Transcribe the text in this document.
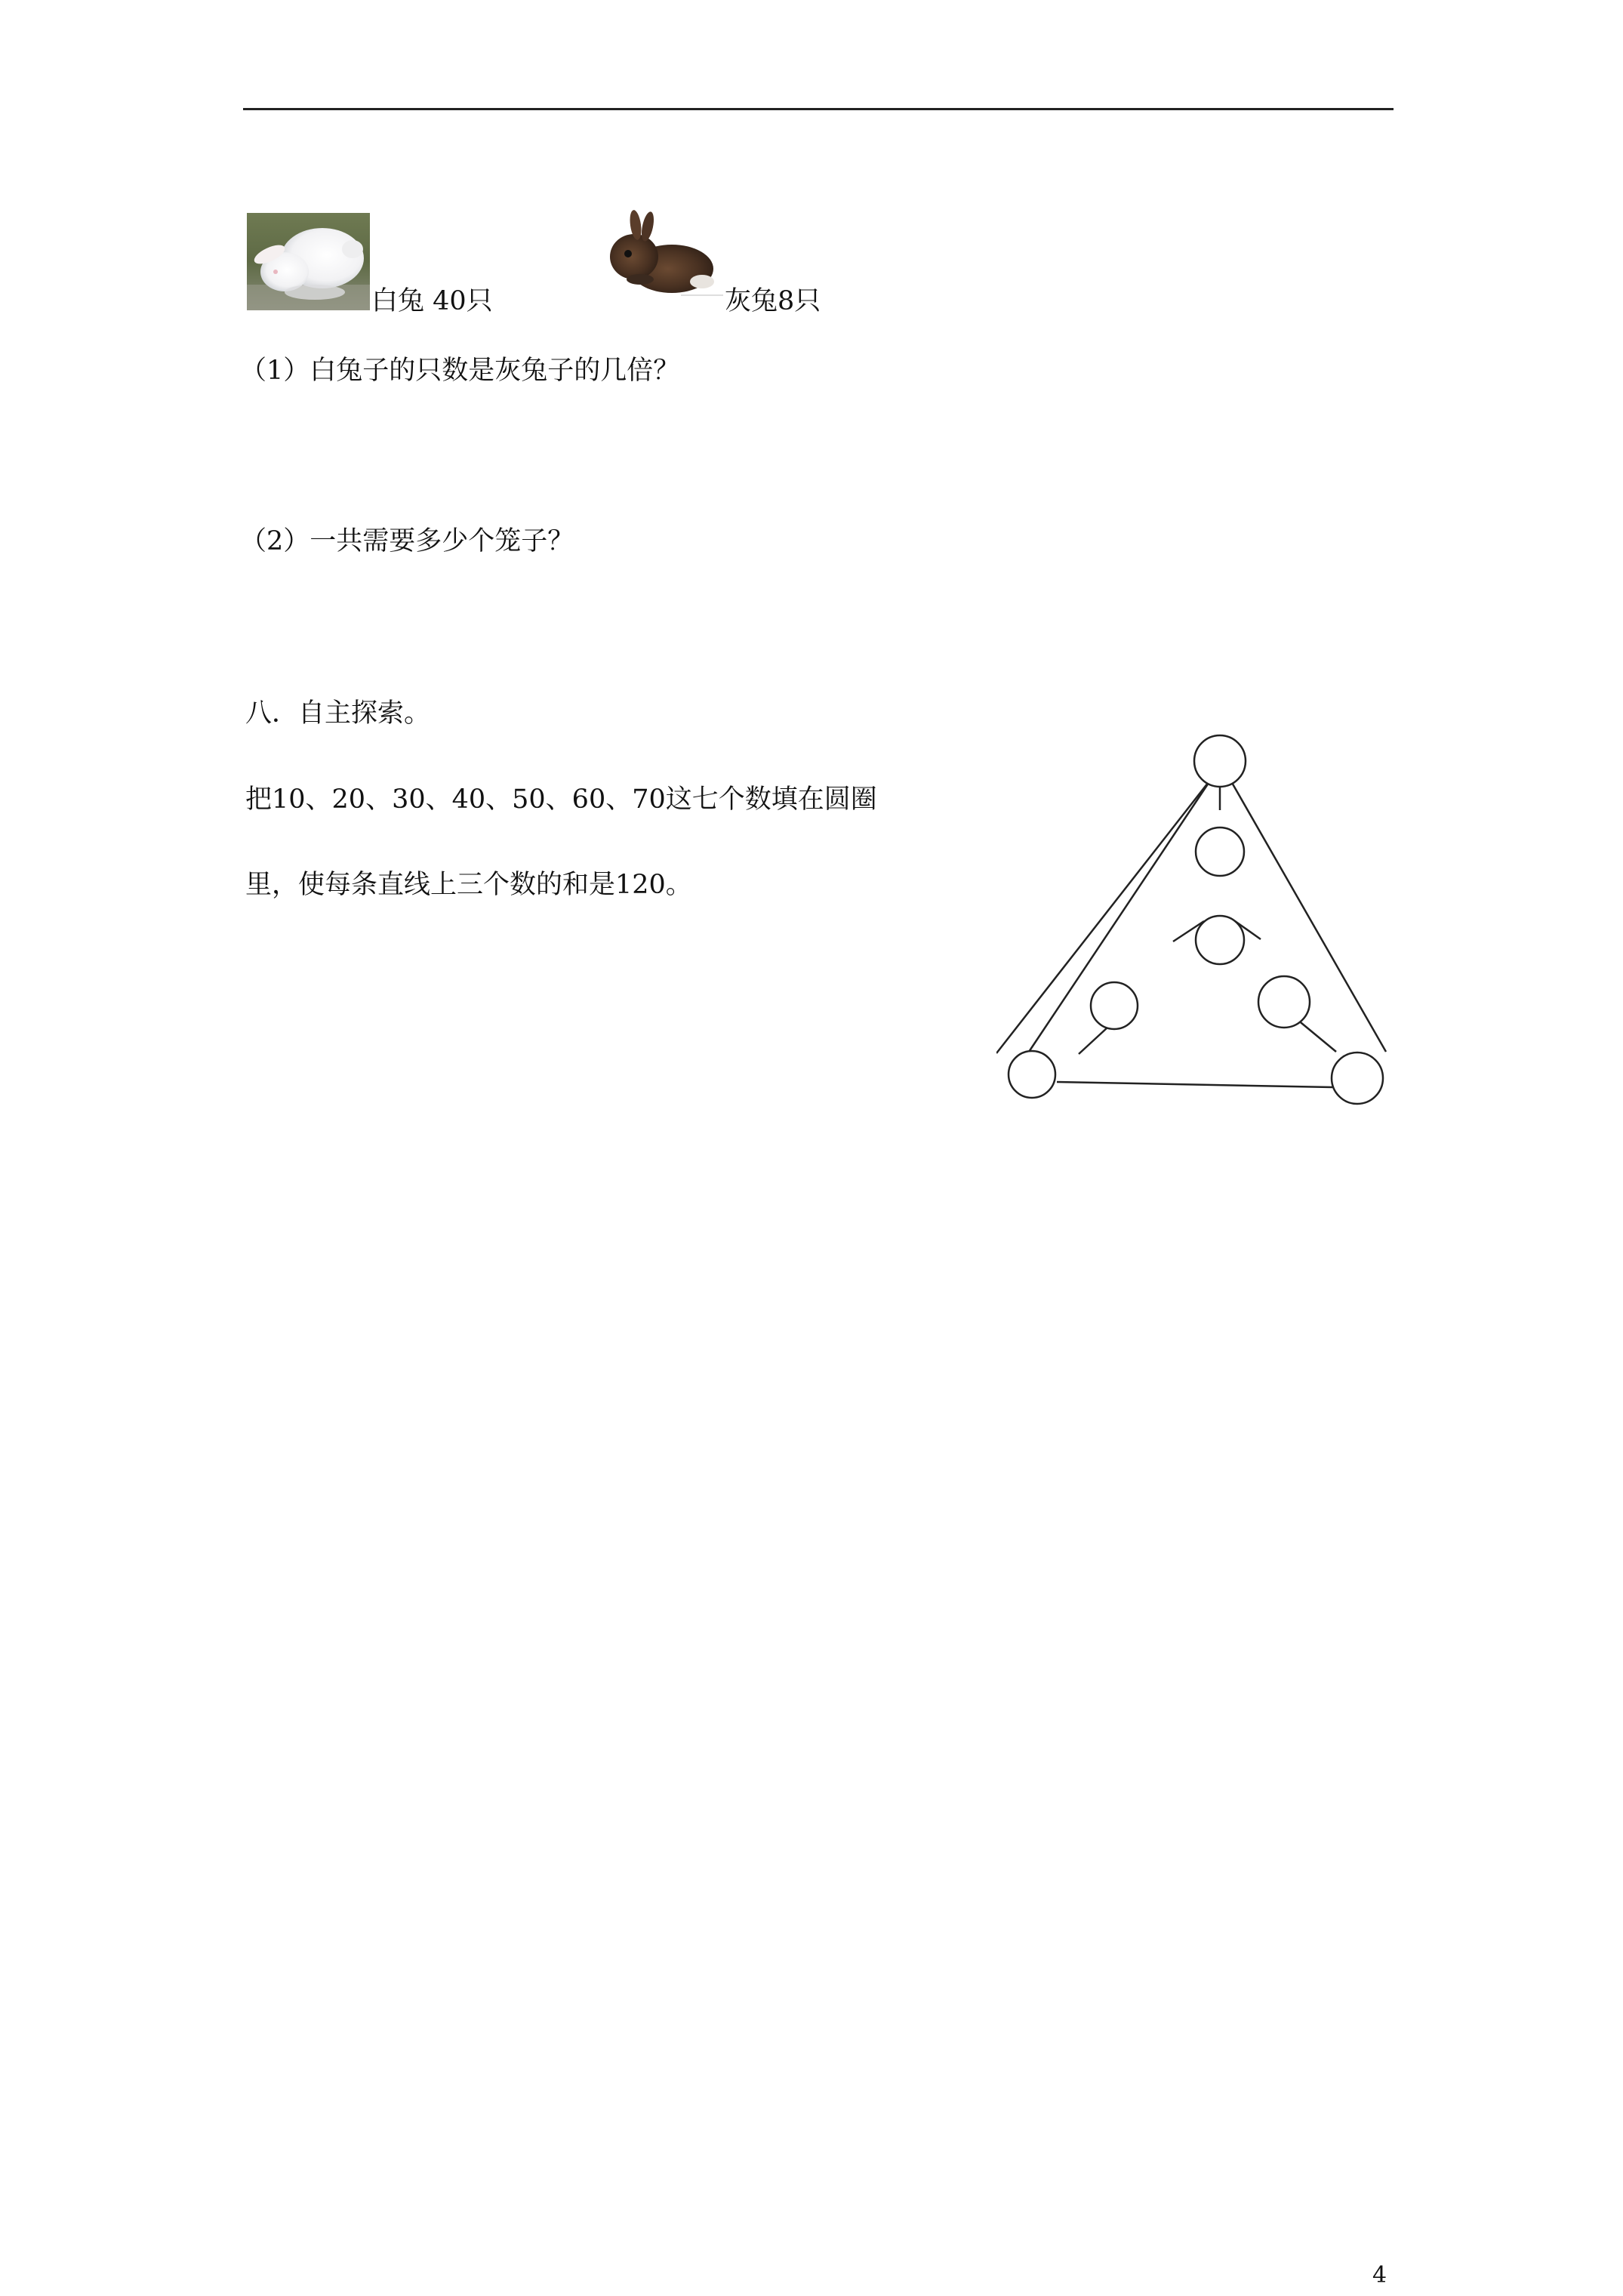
白兔 40只	灰兔8只
（1）白兔子的只数是灰兔子的几倍？
（2）一共需要多少个笼子？
八．自主探索。
把10、20、30、40、50、60、70这七个数填在圆圈
里，使每条直线上三个数的和是120。
4
